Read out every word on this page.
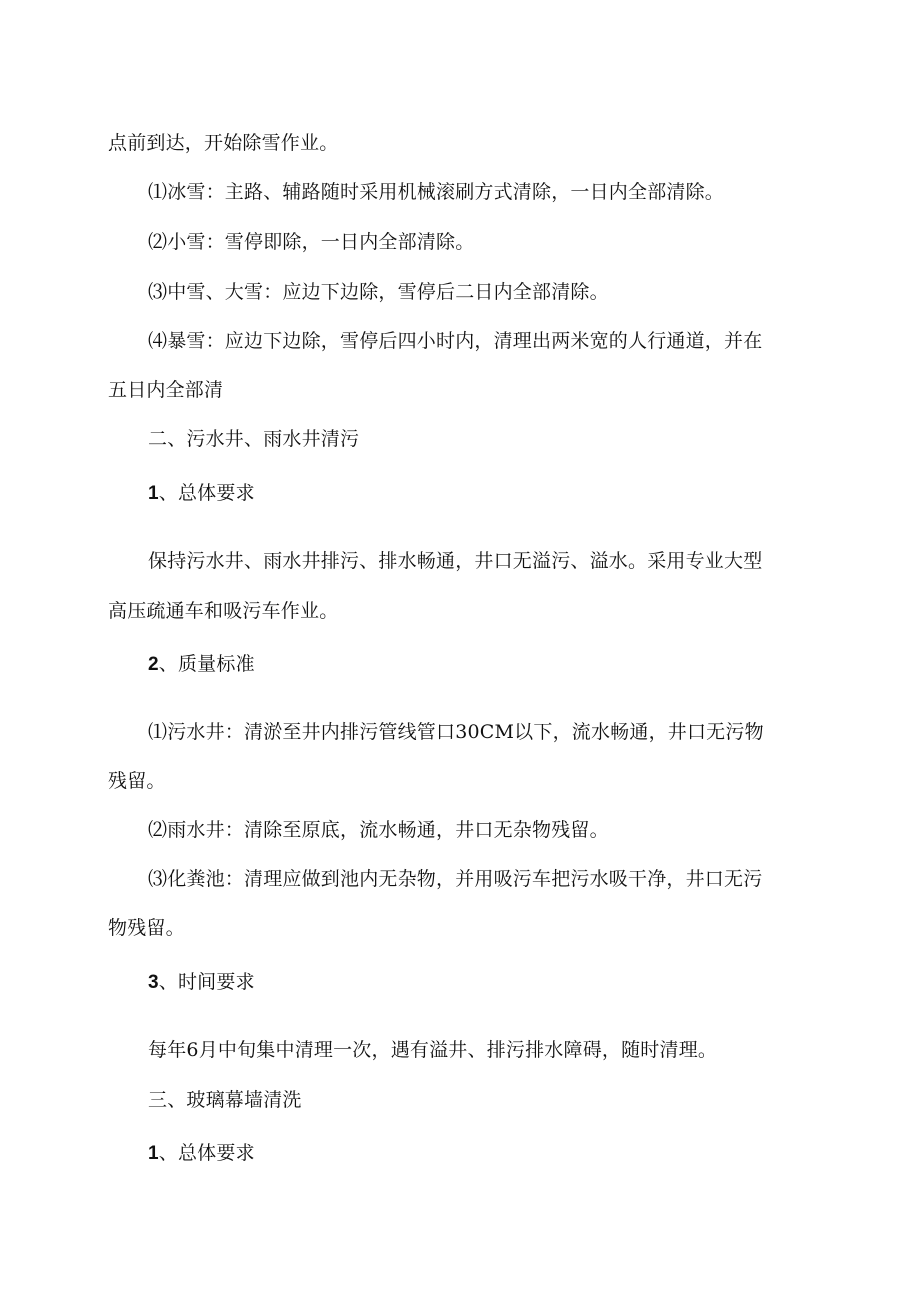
点前到达，开始除雪作业。
⑴冰雪：主路、辅路随时采用机械滚刷方式清除，一日内全部清除。
⑵小雪：雪停即除，一日内全部清除。
⑶中雪、大雪：应边下边除，雪停后二日内全部清除。
⑷暴雪：应边下边除，雪停后四小时内，清理出两米宽的人行通道，并在
五日内全部清
二、污水井、雨水井清污
1、总体要求
保持污水井、雨水井排污、排水畅通，井口无溢污、溢水。采用专业大型
高压疏通车和吸污车作业。
2、质量标准
⑴污水井：清淤至井内排污管线管口30CM以下，流水畅通，井口无污物
残留。
⑵雨水井：清除至原底，流水畅通，井口无杂物残留。
⑶化粪池：清理应做到池内无杂物，并用吸污车把污水吸干净，井口无污
物残留。
3、时间要求
每年6月中旬集中清理一次，遇有溢井、排污排水障碍，随时清理。
三、玻璃幕墙清洗
1、总体要求
